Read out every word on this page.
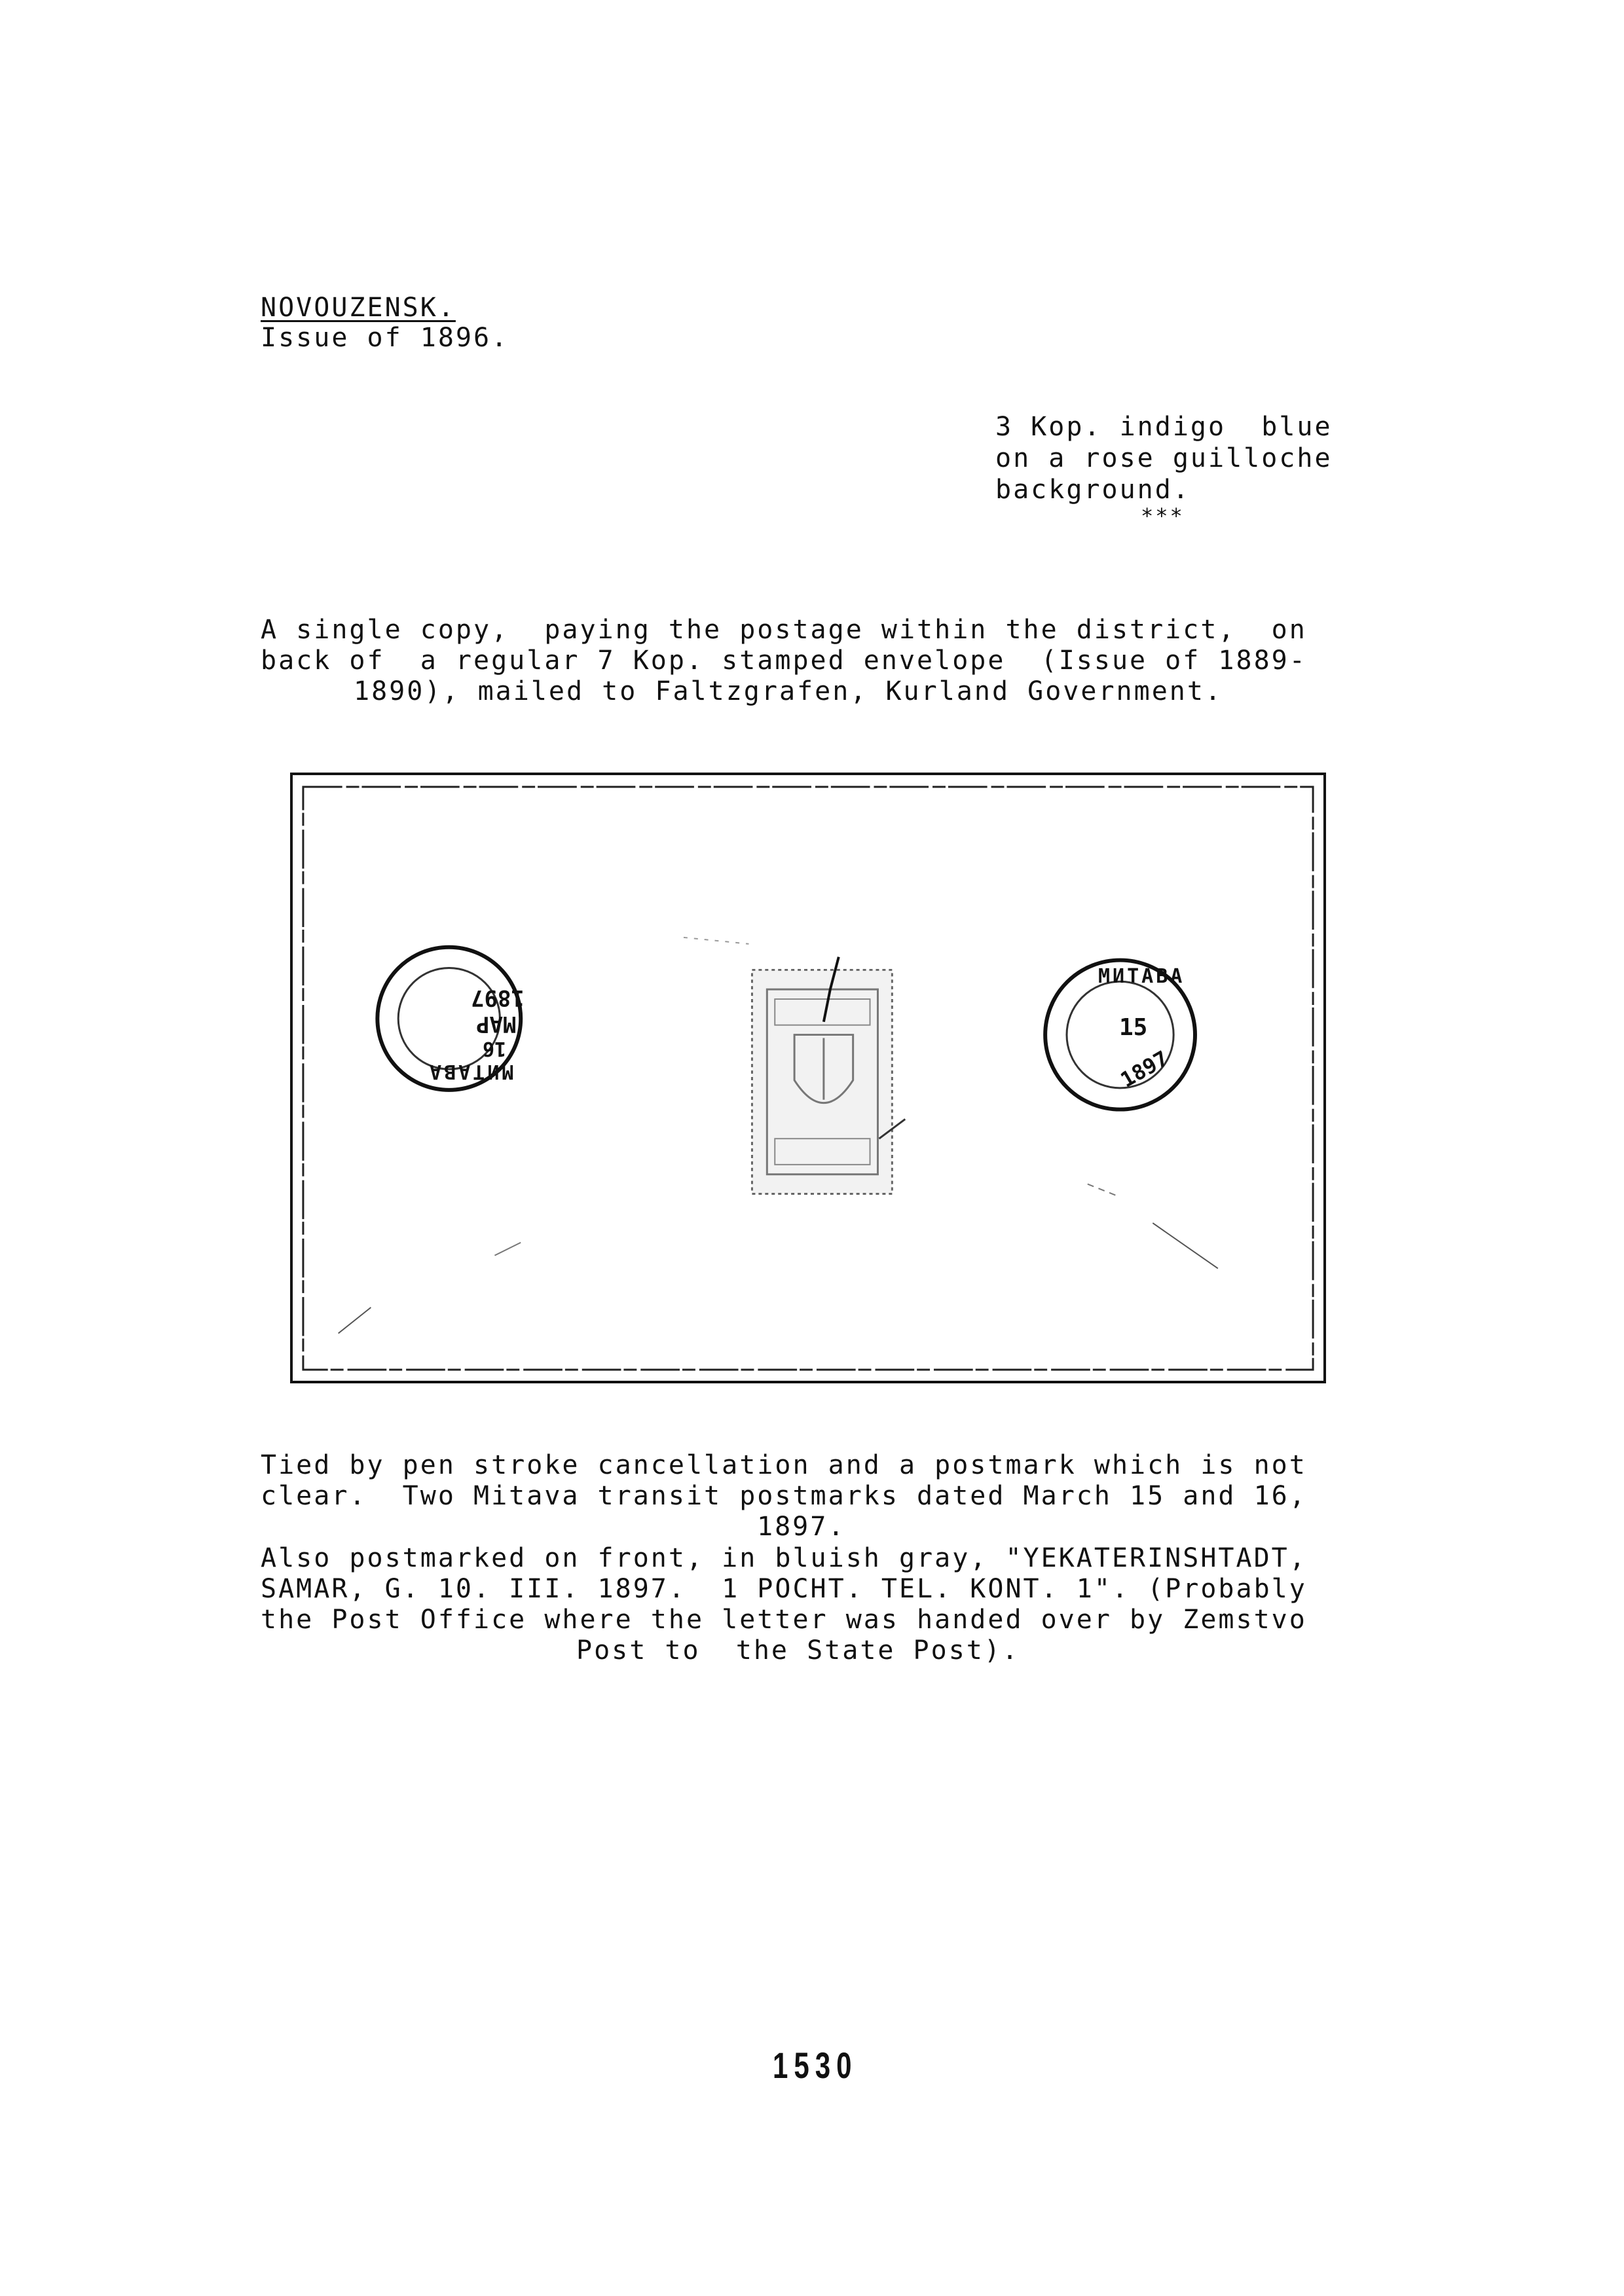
NOVOUZENSK.

Issue of 1896.

3 Kop. indigo  blue

on a rose guilloche

background.

***

A single copy,  paying the postage within the district,  on

back of  a regular 7 Kop. stamped envelope  (Issue of 1889-

1890), mailed to Faltzgrafen, Kurland Government.

МИТАВА
1897
MAP
16
МИТАВА
15
1897

Tied by pen stroke cancellation and a postmark which is not

clear.  Two Mitava transit postmarks dated March 15 and 16,

1897.

Also postmarked on front, in bluish gray, "YEKATERINSHTADT,

SAMAR, G. 10. III. 1897.  1 POCHT. TEL. KONT. 1". (Probably

the Post Office where the letter was handed over by Zemstvo

Post to  the State Post).

1530
